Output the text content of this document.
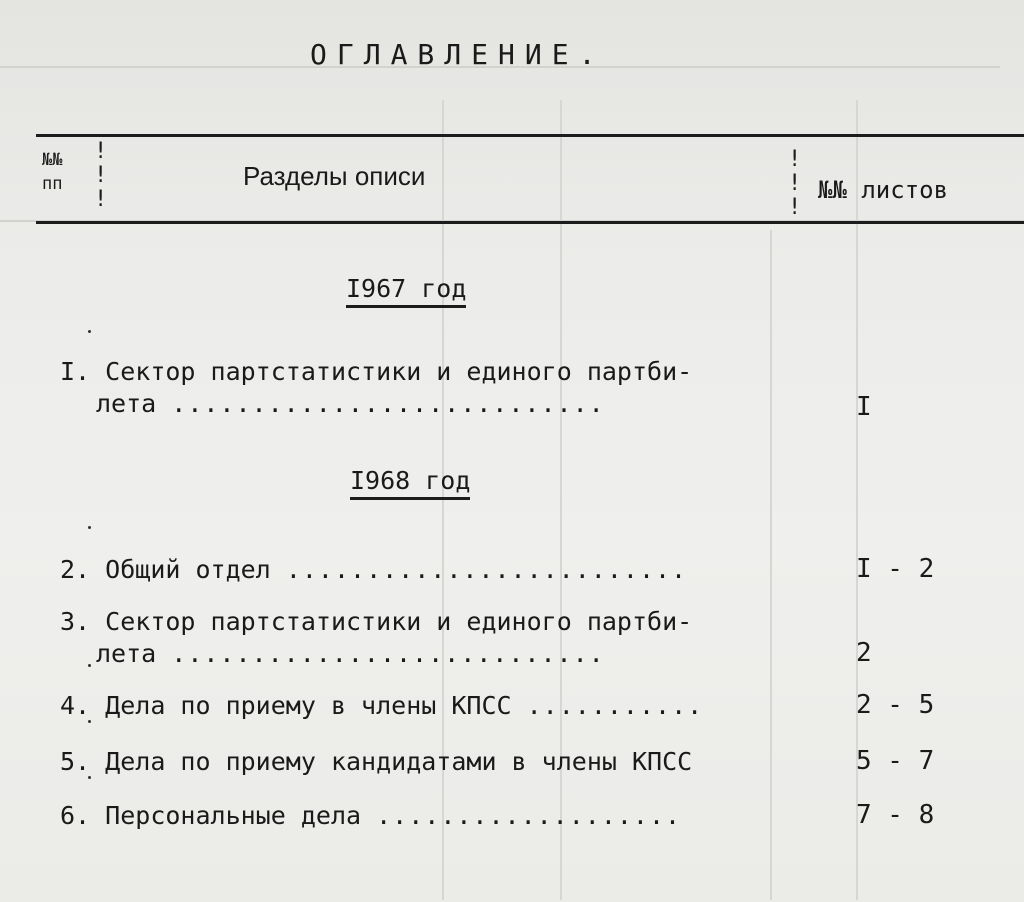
ОГЛАВЛЕНИЕ.
!
!
!
!
!
!
№№
пп	Разделы описи	№№ листов
I967 год
I. Сектор партстатистики и единого партби-
лета ...........................	I
I968 год
2. Общий отдел .........................	I - 2
3. Сектор партстатистики и единого партби-
лета ...........................	2
4. Дела по приему в члены КПСС ...........	2 - 5
5. Дела по приему кандидатами в члены КПСС	5 - 7
6. Персональные дела ...................	7 - 8
